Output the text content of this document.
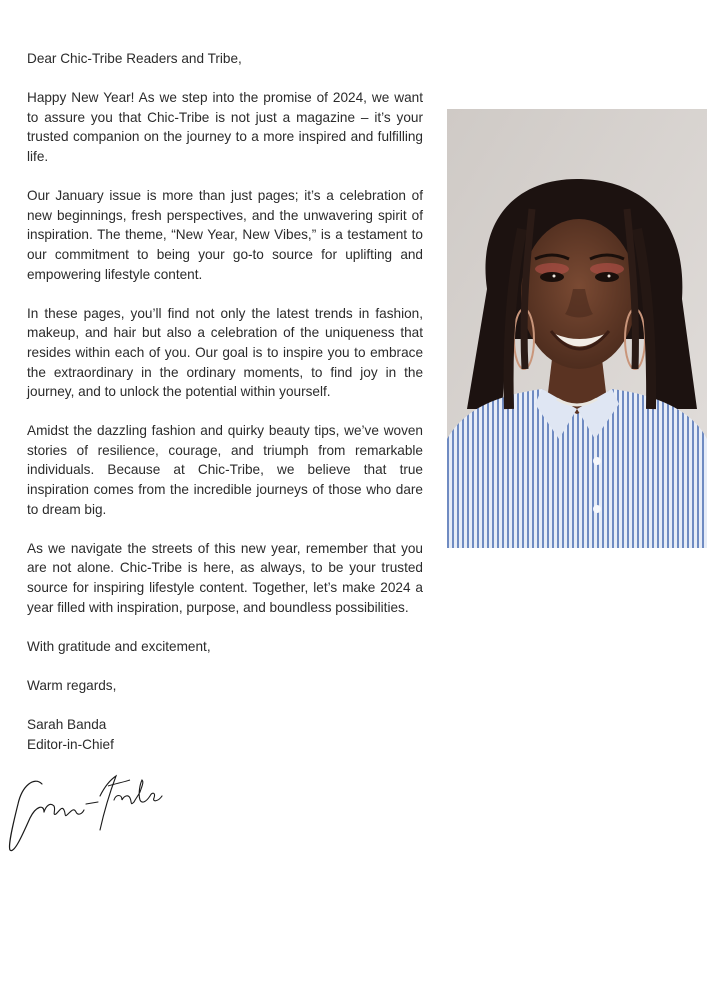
Dear Chic-Tribe Readers and Tribe,

Happy New Year! As we step into the promise of 2024, we want to assure you that Chic-Tribe is not just a magazine – it’s your trusted companion on the journey to a more inspired and fulfilling life.

Our January issue is more than just pages; it’s a celebration of new beginnings, fresh perspectives, and the unwavering spirit of inspiration. The theme, “New Year, New Vibes,” is a testament to our commitment to being your go-to source for uplifting and empowering lifestyle content.

In these pages, you’ll find not only the latest trends in fashion, makeup, and hair but also a celebration of the uniqueness that resides within each of you. Our goal is to inspire you to embrace the extraordinary in the ordinary moments, to find joy in the journey, and to unlock the potential within yourself.

Amidst the dazzling fashion and quirky beauty tips, we’ve woven stories of resilience, courage, and triumph from remarkable individuals. Because at Chic-Tribe, we believe that true inspiration comes from the incredible journeys of those who dare to dream big.

As we navigate the streets of this new year, remember that you are not alone. Chic-Tribe is here, as always, to be your trusted source for inspiring lifestyle content. Together, let’s make 2024 a year filled with inspiration, purpose, and boundless possibilities.

With gratitude and excitement,

Warm regards,

Sarah Banda
Editor-in-Chief
